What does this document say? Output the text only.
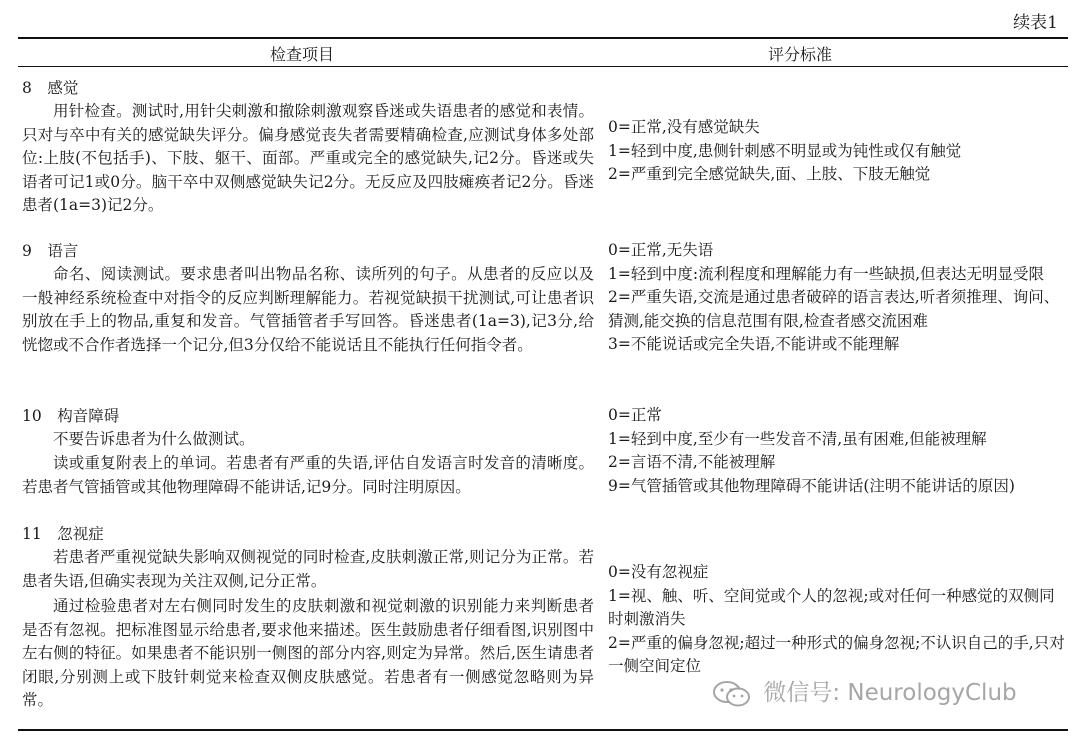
续表1
检查项目	评分标准
8　感觉
用针检查。测试时,用针尖刺激和撤除刺激观察昏迷或失语患者的感觉和表情。只对与卒中有关的感觉缺失评分。偏身感觉丧失者需要精确检查,应测试身体多处部位:上肢(不包括手)、下肢、躯干、面部。严重或完全的感觉缺失,记2分。昏迷或失语者可记1或0分。脑干卒中双侧感觉缺失记2分。无反应及四肢瘫痪者记2分。昏迷患者(1a=3)记2分。
0=正常,没有感觉缺失
1=轻到中度,患侧针刺感不明显或为钝性或仅有触觉
2=严重到完全感觉缺失,面、上肢、下肢无触觉
9　语言
命名、阅读测试。要求患者叫出物品名称、读所列的句子。从患者的反应以及一般神经系统检查中对指令的反应判断理解能力。若视觉缺损干扰测试,可让患者识别放在手上的物品,重复和发音。气管插管者手写回答。昏迷患者(1a=3),记3分,给恍惚或不合作者选择一个记分,但3分仅给不能说话且不能执行任何指令者。
0=正常,无失语
1=轻到中度:流利程度和理解能力有一些缺损,但表达无明显受限
2=严重失语,交流是通过患者破碎的语言表达,听者须推理、询问、猜测,能交换的信息范围有限,检查者感交流困难
3=不能说话或完全失语,不能讲或不能理解
10　构音障碍
不要告诉患者为什么做测试。
读或重复附表上的单词。若患者有严重的失语,评估自发语言时发音的清晰度。若患者气管插管或其他物理障碍不能讲话,记9分。同时注明原因。
0=正常
1=轻到中度,至少有一些发音不清,虽有困难,但能被理解
2=言语不清,不能被理解
9=气管插管或其他物理障碍不能讲话(注明不能讲话的原因)
11　忽视症
若患者严重视觉缺失影响双侧视觉的同时检查,皮肤刺激正常,则记分为正常。若患者失语,但确实表现为关注双侧,记分正常。
通过检验患者对左右侧同时发生的皮肤刺激和视觉刺激的识别能力来判断患者是否有忽视。把标准图显示给患者,要求他来描述。医生鼓励患者仔细看图,识别图中左右侧的特征。如果患者不能识别一侧图的部分内容,则定为异常。然后,医生请患者闭眼,分别测上或下肢针刺觉来检查双侧皮肤感觉。若患者有一侧感觉忽略则为异常。
0=没有忽视症
1=视、触、听、空间觉或个人的忽视;或对任何一种感觉的双侧同时刺激消失
2=严重的偏身忽视;超过一种形式的偏身忽视;不认识自己的手,只对一侧空间定位
微信号: NeurologyClub
